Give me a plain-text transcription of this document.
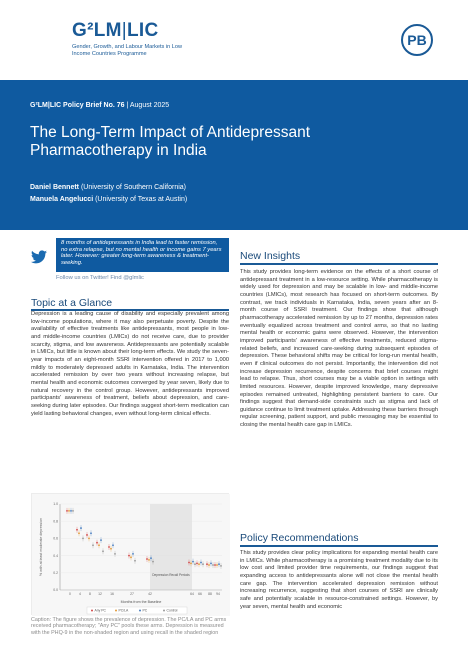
G²LM|LIC
Gender, Growth, and Labour Markets in Low Income Countries Programme
PB
G²LM|LIC Policy Brief No. 76 | August 2025
The Long-Term Impact of Antidepressant Pharmacotherapy in India
Daniel Bennett (University of Southern California)
Manuela Angelucci (University of Texas at Austin)
8 months of antidepressants in India lead to faster remission, no extra relapse, but no mental health or income gains 7 years later. However: greater long-term awareness & treatment-seeking.
Follow us on Twitter! Find @glmlic
Topic at a Glance
Depression is a leading cause of disability and especially prevalent among low-income populations, where it may also perpetuate poverty. Despite the availability of effective treatments like antidepressants, most people in low- and middle-income countries (LMICs) do not receive care, due to provider scarcity, stigma, and low awareness. Antidepressants are potentially scalable in LMICs, but little is known about their long-term effects. We study the seven-year impacts of an eight-month SSRI intervention offered in 2017 to 1,000 mildly to moderately depressed adults in Karnataka, India. The intervention accelerated remission by over two years without increasing relapse, but mental health and economic outcomes converged by year seven, likely due to natural recovery in the control group. However, antidepressants improved participants' awareness of treatment, beliefs about depression, and care-seeking during later episodes. Our findings suggest short-term medication can yield lasting behavioral changes, even without long-term clinical effects.
% with at least moderate depression
0.0
0.2
0.4
0.6
0.8
1.0
0 4 8 12 16	27	42	64 66 88 94
Depression Recall Periods
Months from the Baseline
Any PC	PC/LA	PC	Control
Caption: The figure shows the prevalence of depression. The PC/LA and PC arms received pharmacotherapy; "Any PC" pools these arms. Depression is measured with the PHQ-9 in the non-shaded region and using recall in the shaded region
New Insights
This study provides long-term evidence on the effects of a short course of antidepressant treatment in a low-resource setting. While pharmacotherapy is widely used for depression and may be scalable in low- and middle-income countries (LMICs), most research has focused on short-term outcomes. By contrast, we track individuals in Karnataka, India, seven years after an 8-month course of SSRI treatment. Our findings show that although pharmacotherapy accelerated remission by up to 27 months, depression rates eventually equalized across treatment and control arms, so that no lasting mental health or economic gains were observed. However, the intervention improved participants' awareness of effective treatments, reduced stigma-related beliefs, and increased care-seeking during subsequent episodes of depression. These behavioral shifts may be critical for long-run mental health, even if clinical outcomes do not persist. Importantly, the intervention did not increase depression recurrence, despite concerns that brief courses might lead to relapse. Thus, short courses may be a viable option in settings with limited resources. However, despite improved knowledge, many depressive episodes remained untreated, highlighting persistent barriers to care. Our findings suggest that demand-side constraints such as stigma and lack of guidance continue to limit treatment uptake. Addressing these barriers through regular screening, patient support, and public messaging may be essential to closing the mental health care gap in LMICs.
Policy Recommendations
This study provides clear policy implications for expanding mental health care in LMICs. While pharmacotherapy is a promising treatment modality due to its low cost and limited provider time requirements, our findings suggest that expanding access to antidepressants alone will not close the mental health care gap. The intervention accelerated depression remission without increasing recurrence, suggesting that short courses of SSRI are clinically safe and potentially scalable in resource-constrained settings. However, by year seven, mental health and economic
